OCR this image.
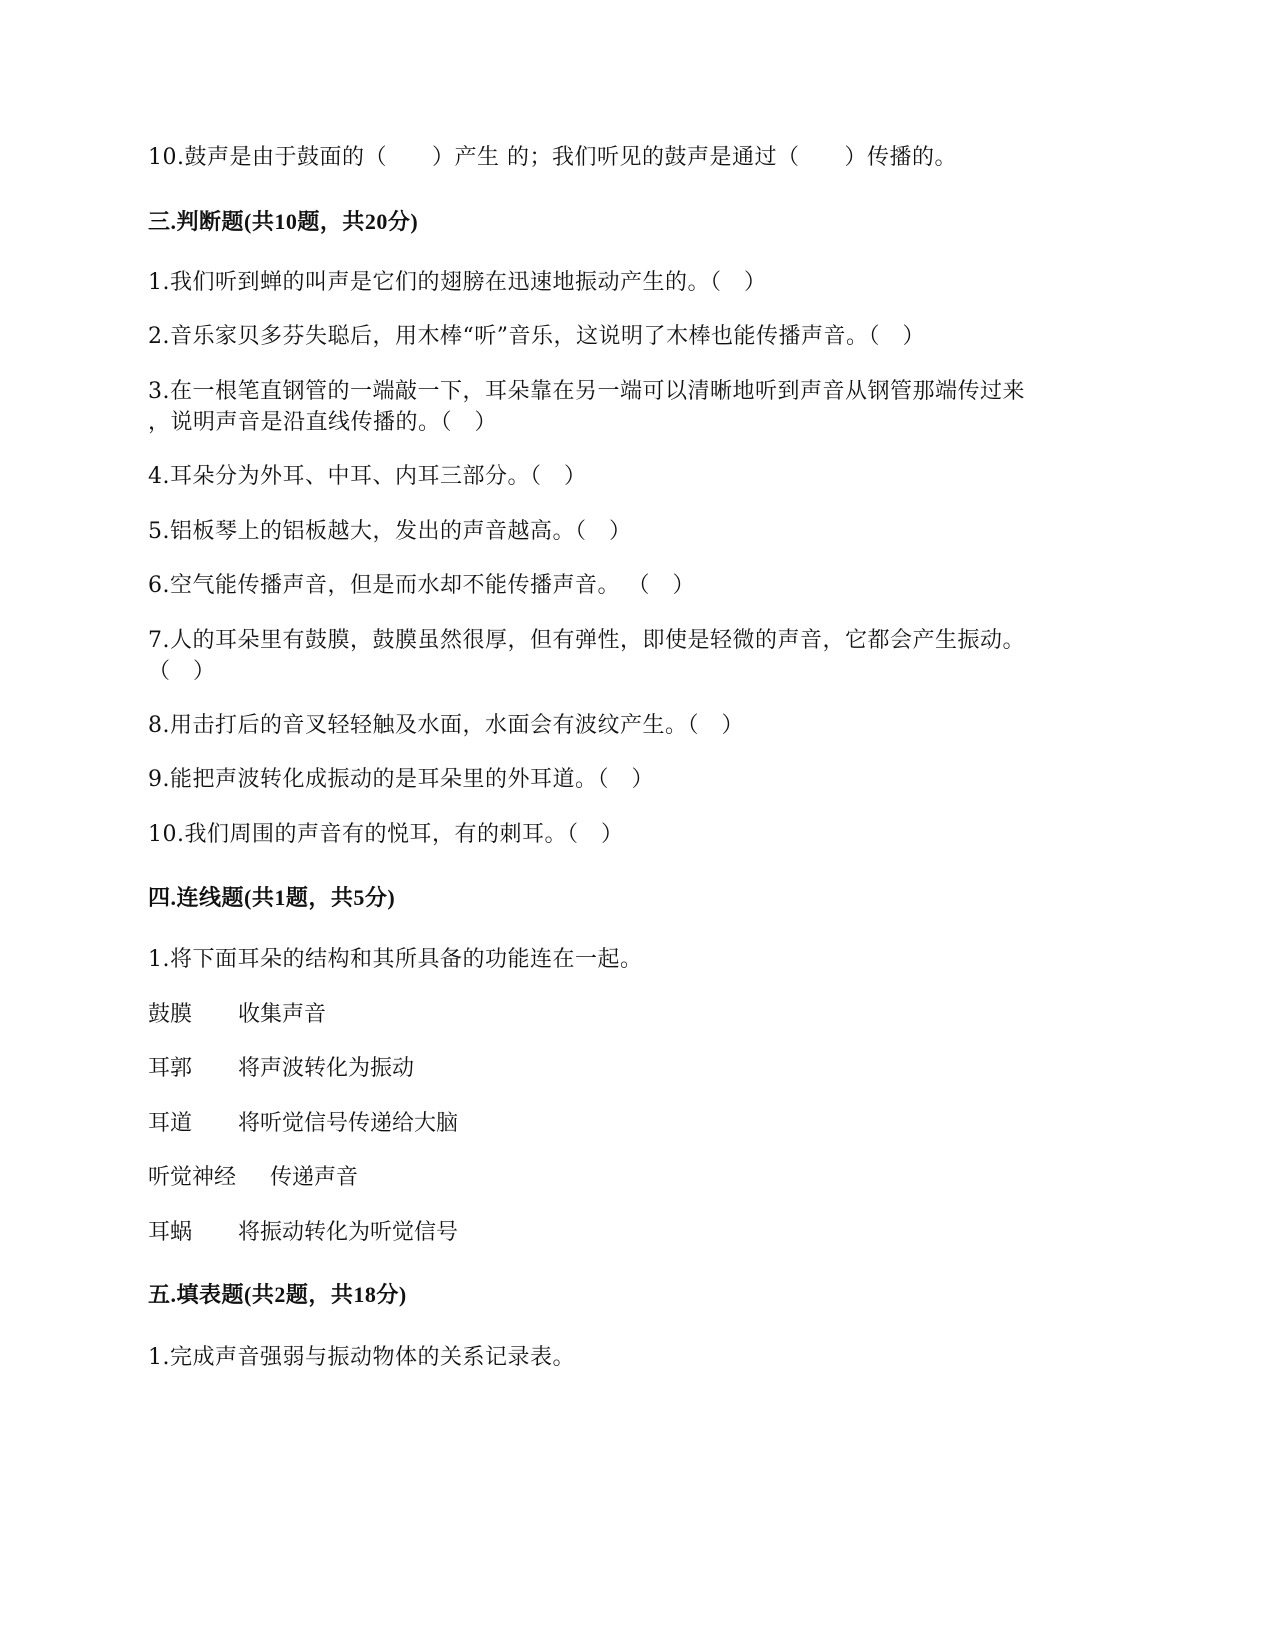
10.鼓声是由于鼓面的（　　）产生 的；我们听见的鼓声是通过（　　）传播的。
三.判断题(共10题，共20分)
1.我们听到蝉的叫声是它们的翅膀在迅速地振动产生的。（　）
2.音乐家贝多芬失聪后，用木棒“听”音乐，这说明了木棒也能传播声音。（　）
3.在一根笔直钢管的一端敲一下，耳朵靠在另一端可以清晰地听到声音从钢管那端传过来
，说明声音是沿直线传播的。（　）
4.耳朵分为外耳、中耳、内耳三部分。（　）
5.铝板琴上的铝板越大，发出的声音越高。（　）
6.空气能传播声音，但是而水却不能传播声音。 （　）
7.人的耳朵里有鼓膜，鼓膜虽然很厚，但有弹性，即使是轻微的声音，它都会产生振动。
（　）
8.用击打后的音叉轻轻触及水面，水面会有波纹产生。（　）
9.能把声波转化成振动的是耳朵里的外耳道。（　）
10.我们周围的声音有的悦耳，有的刺耳。（　）
四.连线题(共1题，共5分)
1.将下面耳朵的结构和其所具备的功能连在一起。
鼓膜 收集声音
耳郭 将声波转化为振动
耳道 将听觉信号传递给大脑
听觉神经 传递声音
耳蜗 将振动转化为听觉信号
五.填表题(共2题，共18分)
1.完成声音强弱与振动物体的关系记录表。
